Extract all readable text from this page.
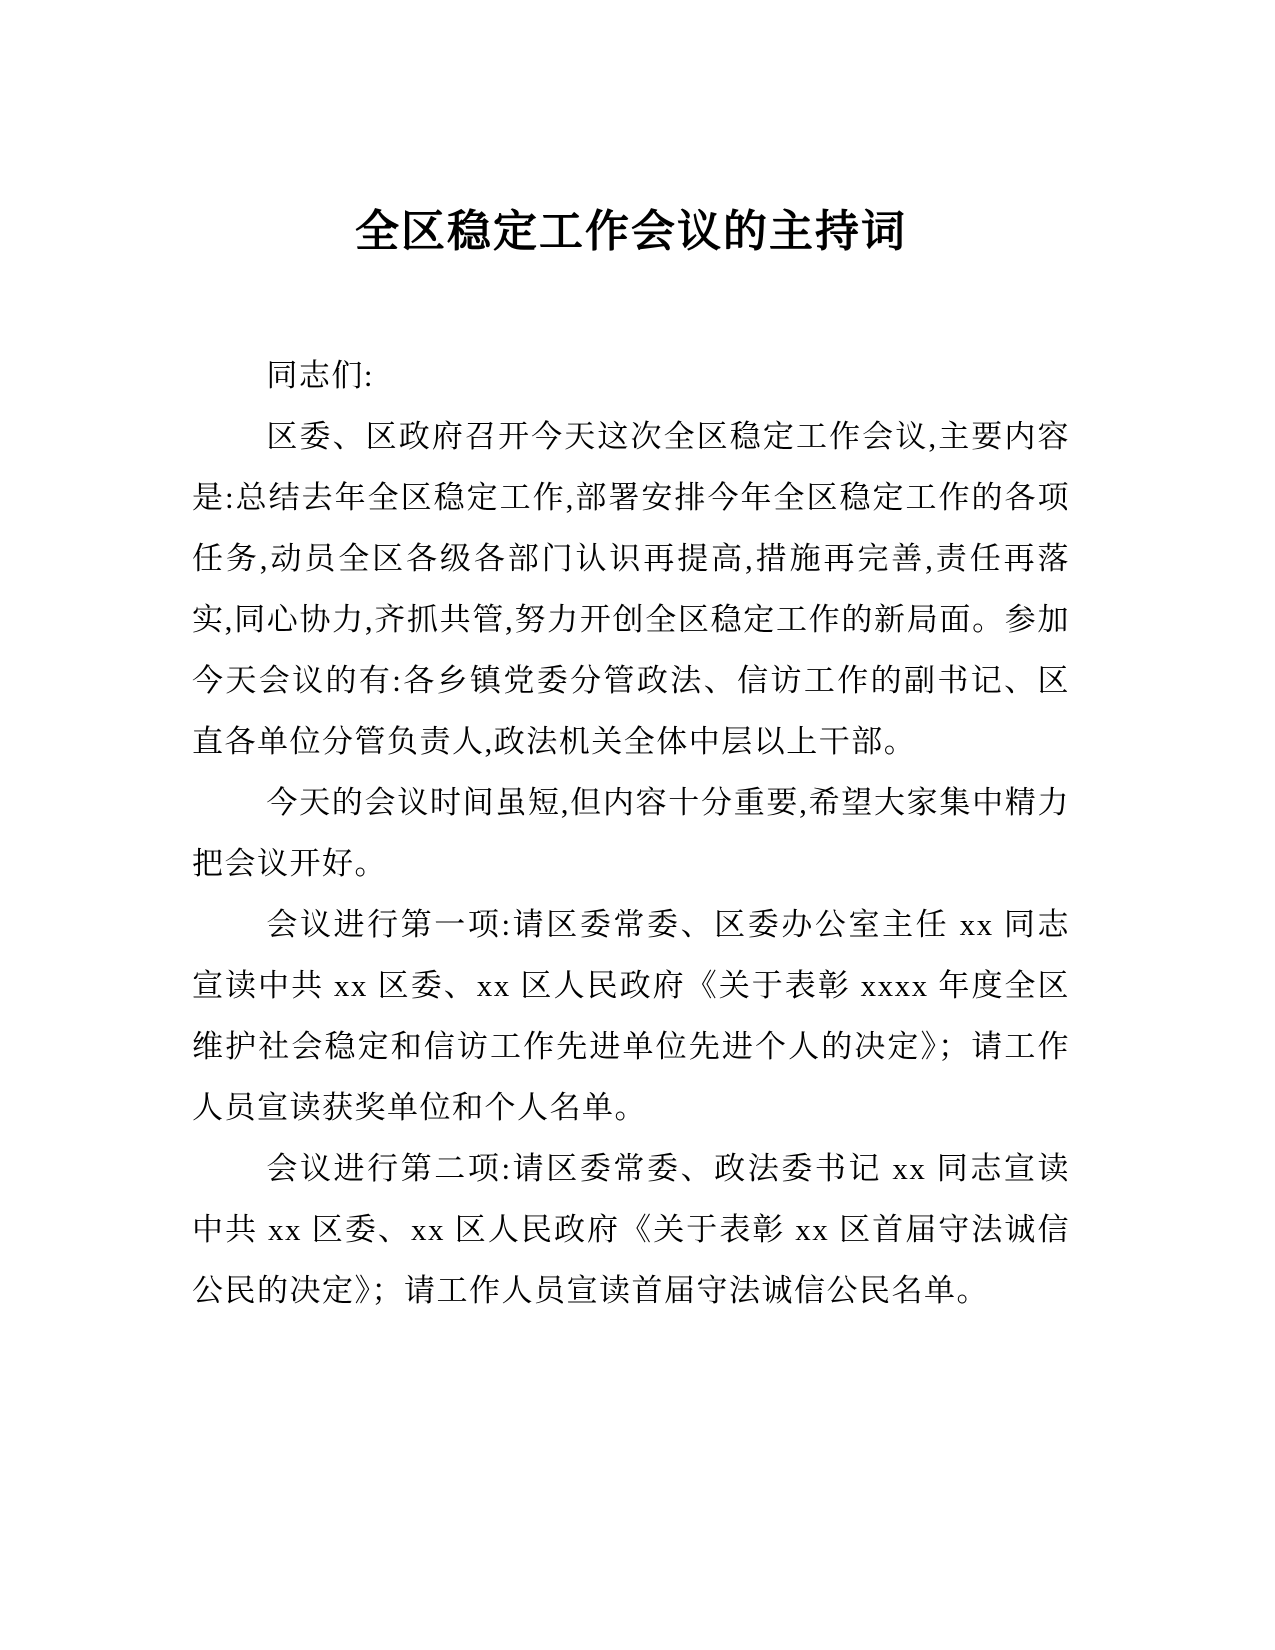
全区稳定工作会议的主持词

同志们:

区委、区政府召开今天这次全区稳定工作会议,主要内容是:总结去年全区稳定工作,部署安排今年全区稳定工作的各项任务,动员全区各级各部门认识再提高,措施再完善,责任再落实,同心协力,齐抓共管,努力开创全区稳定工作的新局面。参加今天会议的有:各乡镇党委分管政法、信访工作的副书记、区直各单位分管负责人,政法机关全体中层以上干部。

今天的会议时间虽短,但内容十分重要,希望大家集中精力把会议开好。

会议进行第一项:请区委常委、区委办公室主任 xx 同志宣读中共 xx 区委、xx 区人民政府《关于表彰 xxxx 年度全区维护社会稳定和信访工作先进单位先进个人的决定》；请工作人员宣读获奖单位和个人名单。

会议进行第二项:请区委常委、政法委书记 xx 同志宣读中共 xx 区委、xx 区人民政府《关于表彰 xx 区首届守法诚信公民的决定》；请工作人员宣读首届守法诚信公民名单。
